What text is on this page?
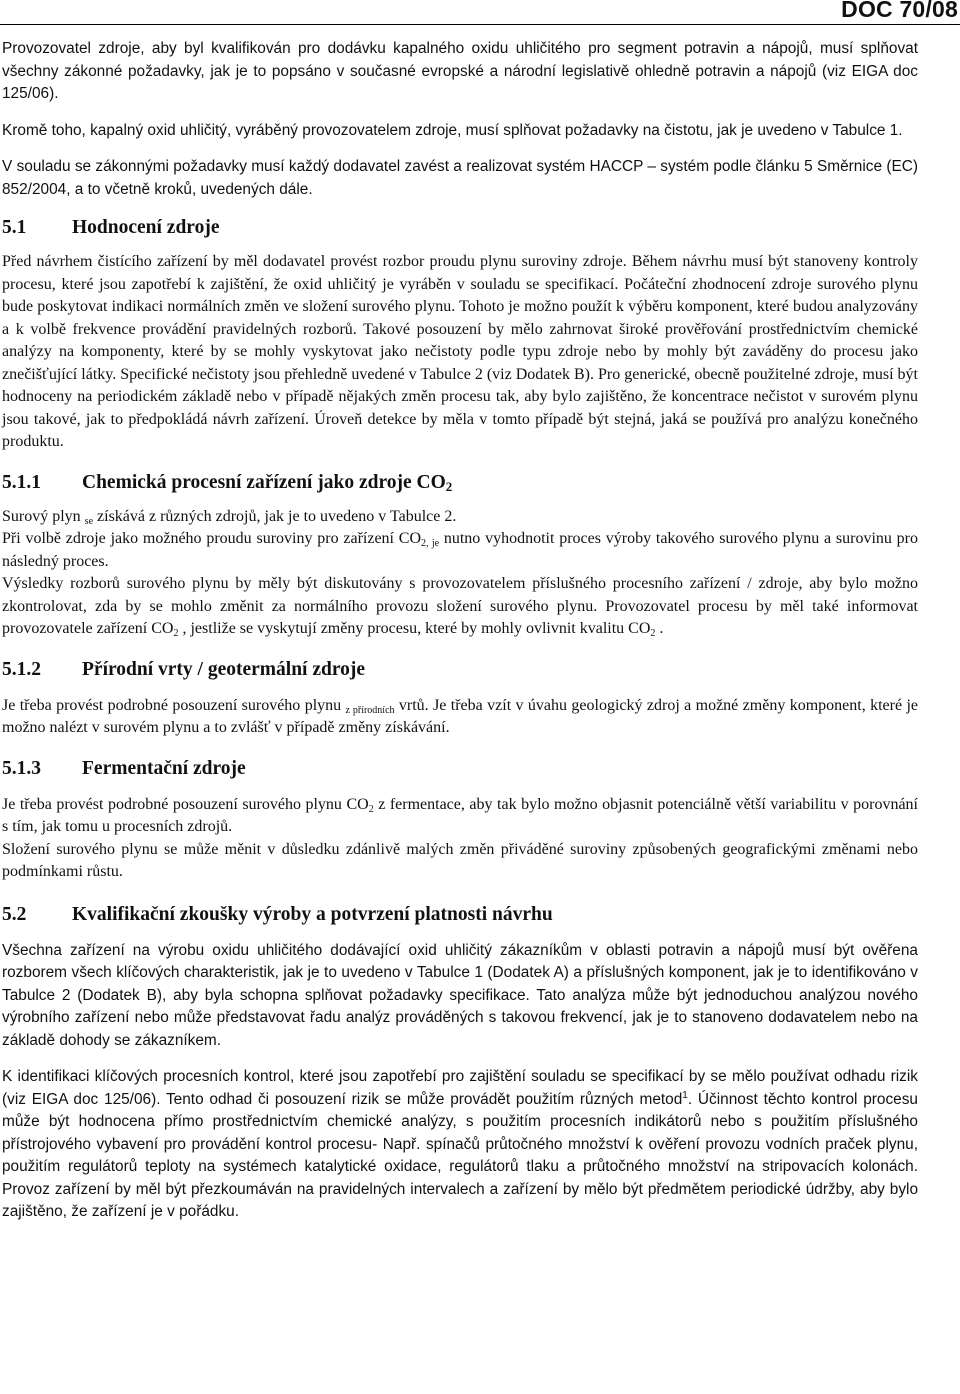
DOC 70/08

Provozovatel zdroje, aby byl kvalifikován pro dodávku kapalného oxidu uhličitého pro segment potravin a nápojů, musí splňovat všechny zákonné požadavky, jak je to popsáno v současné evropské a národní legislativě ohledně potravin a nápojů (viz EIGA doc 125/06).

Kromě toho, kapalný oxid uhličitý, vyráběný provozovatelem zdroje, musí splňovat požadavky na čistotu, jak je uvedeno v Tabulce 1.

V souladu se zákonnými požadavky musí každý dodavatel zavést a realizovat systém HACCP – systém podle článku 5 Směrnice (EC) 852/2004, a to včetně kroků, uvedených dále.

5.1 Hodnocení zdroje

Před návrhem čistícího zařízení by měl dodavatel provést rozbor proudu plynu suroviny zdroje. Během návrhu musí být stanoveny kontroly procesu, které jsou zapotřebí k zajištění, že oxid uhličitý je vyráběn v souladu se specifikací. Počáteční zhodnocení zdroje surového plynu bude poskytovat indikaci normálních změn ve složení surového plynu. Tohoto je možno použít k výběru komponent, které budou analyzovány a k volbě frekvence provádění pravidelných rozborů. Takové posouzení by mělo zahrnovat široké prověřování prostřednictvím chemické analýzy na komponenty, které by se mohly vyskytovat jako nečistoty podle typu zdroje nebo by mohly být zaváděny do procesu jako znečišťující látky. Specifické nečistoty jsou přehledně uvedené v Tabulce 2 (viz Dodatek B). Pro generické, obecně použitelné zdroje, musí být hodnoceny na periodickém základě nebo v případě nějakých změn procesu tak, aby bylo zajištěno, že koncentrace nečistot v surovém plynu jsou takové, jak to předpokládá návrh zařízení. Úroveň detekce by měla v tomto případě být stejná, jaká se používá pro analýzu konečného produktu.

5.1.1 Chemická procesní zařízení jako zdroje $CO_2$

Surový plyn $_{se}$ získává z různých zdrojů, jak je to uvedeno v Tabulce 2.

Při volbě zdroje jako možného proudu suroviny pro zařízení $CO_{2, je}$ nutno vyhodnotit proces výroby takového surového plynu a surovinu pro následný proces.

Výsledky rozborů surového plynu by měly být diskutovány s provozovatelem příslušného procesního zařízení / zdroje, aby bylo možno zkontrolovat, zda by se mohlo změnit za normálního provozu složení surového plynu. Provozovatel procesu by měl také informovat provozovatele zařízení $CO_2$ , jestliže se vyskytují změny procesu, které by mohly ovlivnit kvalitu $CO_2$ .

5.1.2 Přírodní vrty / geotermální zdroje

Je třeba provést podrobné posouzení surového plynu $_{z přírodních}$ vrtů. Je třeba vzít v úvahu geologický zdroj a možné změny komponent, které je možno nalézt v surovém plynu a to zvlášť v případě změny získávání.

5.1.3 Fermentační zdroje

Je třeba provést podrobné posouzení surového plynu $CO_2$ z fermentace, aby tak bylo možno objasnit potenciálně větší variabilitu v porovnání s tím, jak tomu u procesních zdrojů.

Složení surového plynu se může měnit v důsledku zdánlivě malých změn přiváděné suroviny způsobených geografickými změnami nebo podmínkami růstu.

5.2 Kvalifikační zkoušky výroby a potvrzení platnosti návrhu

Všechna zařízení na výrobu oxidu uhličitého dodávající oxid uhličitý zákazníkům v oblasti potravin a nápojů musí být ověřena rozborem všech klíčových charakteristik, jak je to uvedeno v Tabulce 1 (Dodatek A) a příslušných komponent, jak je to identifikováno v Tabulce 2 (Dodatek B), aby byla schopna splňovat požadavky specifikace. Tato analýza může být jednoduchou analýzou nového výrobního zařízení nebo může představovat řadu analýz prováděných s takovou frekvencí, jak je to stanoveno dodavatelem nebo na základě dohody se zákazníkem.

K identifikaci klíčových procesních kontrol, které jsou zapotřebí pro zajištění souladu se specifikací by se mělo používat odhadu rizik (viz EIGA doc 125/06). Tento odhad či posouzení rizik se může provádět použitím různých metod$^1$. Účinnost těchto kontrol procesu může být hodnocena přímo prostřednictvím chemické analýzy, s použitím procesních indikátorů nebo s použitím příslušného přístrojového vybavení pro provádění kontrol procesu- Např. spínačů průtočného množství k ověření provozu vodních praček plynu, použitím regulátorů teploty na systémech katalytické oxidace, regulátorů tlaku a průtočného množství na stripovacích kolonách. Provoz zařízení by měl být přezkoumáván na pravidelných intervalech a zařízení by mělo být předmětem periodické údržby, aby bylo zajištěno, že zařízení je v pořádku.
